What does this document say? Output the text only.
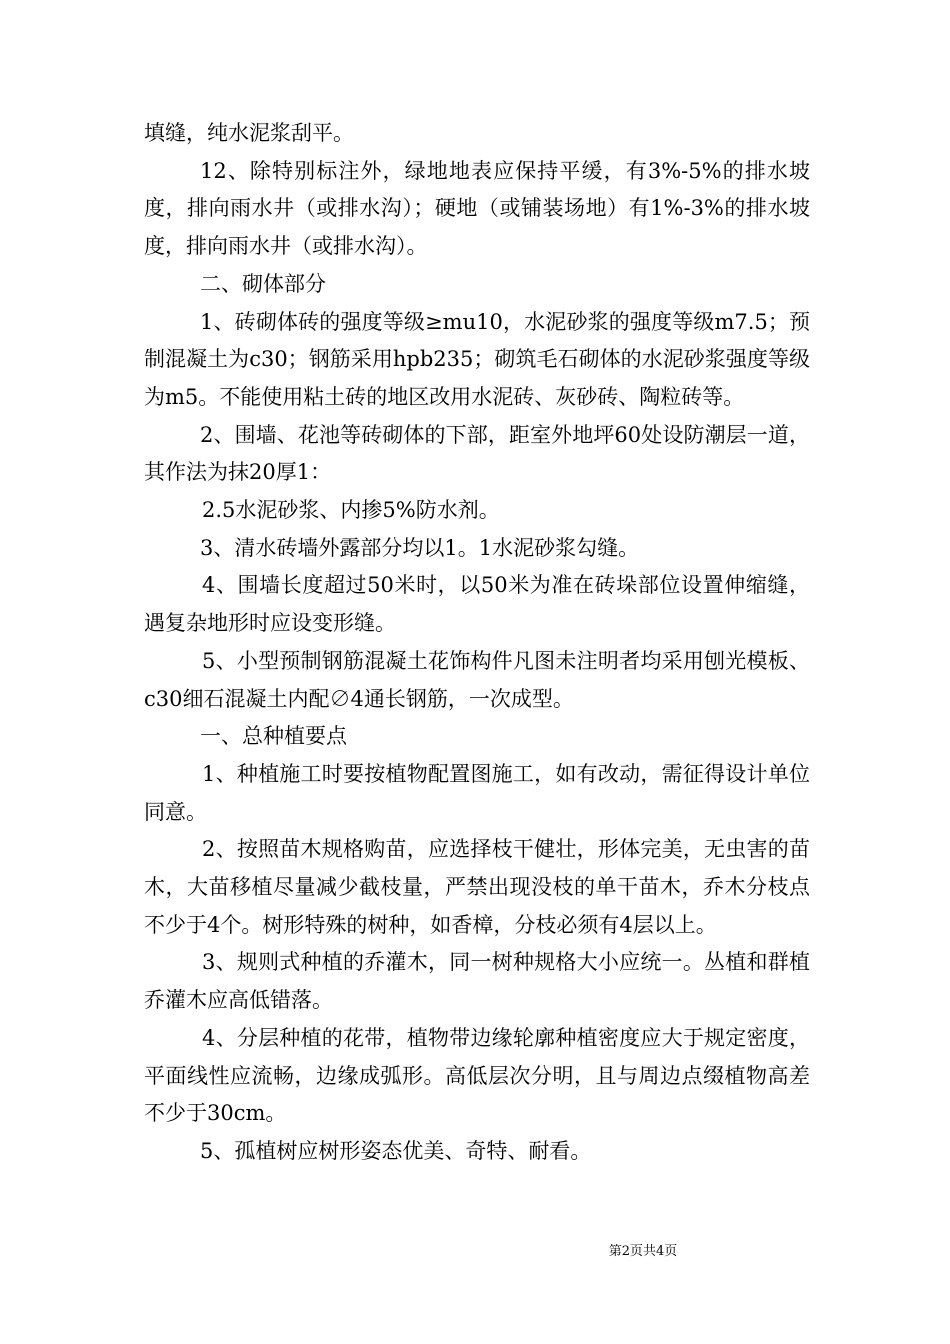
填缝，纯水泥浆刮平。

12、除特别标注外，绿地地表应保持平缓，有3%-5%的排水坡度，排向雨水井（或排水沟）；硬地（或铺装场地）有1%-3%的排水坡度，排向雨水井（或排水沟）。

二、砌体部分

1、砖砌体砖的强度等级≥mu10，水泥砂浆的强度等级m7.5；预制混凝土为c30；钢筋采用hpb235；砌筑毛石砌体的水泥砂浆强度等级为m5。不能使用粘土砖的地区改用水泥砖、灰砂砖、陶粒砖等。

2、围墙、花池等砖砌体的下部，距室外地坪60处设防潮层一道，其作法为抹20厚1：

2.5水泥砂浆、内掺5%防水剂。

3、清水砖墙外露部分均以1。1水泥砂浆勾缝。

4、围墙长度超过50米时，以50米为准在砖垛部位设置伸缩缝，遇复杂地形时应设变形缝。

5、小型预制钢筋混凝土花饰构件凡图未注明者均采用刨光模板、c30细石混凝土内配∅4通长钢筋，一次成型。

一、总种植要点

1、种植施工时要按植物配置图施工，如有改动，需征得设计单位同意。

2、按照苗木规格购苗，应选择枝干健壮，形体完美，无虫害的苗木，大苗移植尽量减少截枝量，严禁出现没枝的单干苗木，乔木分枝点不少于4个。树形特殊的树种，如香樟，分枝必须有4层以上。

3、规则式种植的乔灌木，同一树种规格大小应统一。丛植和群植乔灌木应高低错落。

4、分层种植的花带，植物带边缘轮廓种植密度应大于规定密度，平面线性应流畅，边缘成弧形。高低层次分明，且与周边点缀植物高差不少于30cm。

5、孤植树应树形姿态优美、奇特、耐看。

第2页共4页
